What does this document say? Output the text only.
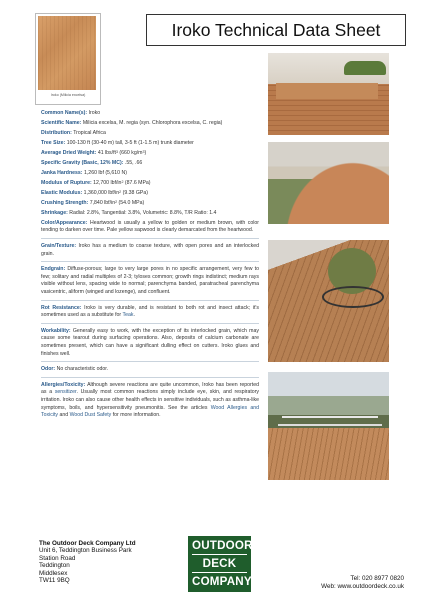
Iroko (Milicia excelsa)
Iroko Technical Data Sheet

Common Name(s): Iroko

Scientific Name: Milicia excelsa, M. regia (syn. Chlorophora excelsa, C. regia)

Distribution: Tropical Africa

Tree Size: 100-130 ft (30-40 m) tall, 3-5 ft (1-1.5 m) trunk diameter

Average Dried Weight: 41 lbs/$ft^3$ (660 $kg/m^3$)

Specific Gravity (Basic, 12% MC): .55, .66

Janka Hardness: 1,260 lbf (5,610 N)

Modulus of Rupture: 12,700 lbf/$in^2$ (87.6 MPa)

Elastic Modulus: 1,360,000 lbf/$in^2$ (9.38 GPa)

Crushing Strength: 7,840 lbf/$in^2$ (54.0 MPa)

Shrinkage: Radial: 2.8%, Tangential: 3.8%, Volumetric: 8.8%, T/R Ratio: 1.4

Color/Appearance: Heartwood is usually a yellow to golden or medium brown, with color tending to darken over time. Pale yellow sapwood is clearly demarcated from the heartwood.

Grain/Texture: Iroko has a medium to coarse texture, with open pores and an interlocked grain.

Endgrain: Diffuse-porous; large to very large pores in no specific arrangement, very few to few; solitary and radial multiples of 2-3; tyloses common; growth rings indistinct; medium rays visible without lens, spacing wide to normal; parenchyma banded, paratracheal parenchyma vasicentric, aliform (winged and lozenge), and confluent.

Rot Resistance: Iroko is very durable, and is resistant to both rot and insect attack; it's sometimes used as a substitute for Teak.

Workability: Generally easy to work, with the exception of its interlocked grain, which may cause some tearout during surfacing operations. Also, deposits of calcium carbonate are sometimes present, which can have a significant dulling effect on cutters. Iroko glues and finishes well.

Odor: No characteristic odor.

Allergies/Toxicity: Although severe reactions are quite uncommon, Iroko has been reported as a sensitizer. Usually most common reactions simply include eye, skin, and respiratory irritation. Iroko can also cause other health effects in sensitive individuals, such as asthma-like symptoms, boils, and hypersensitivity pneumonitis. See the articles Wood Allergies and Toxicity and Wood Dust Safety for more information.

The Outdoor Deck Company Ltd
Unit 6, Teddington Business Park
Station Road
Teddington
Middlesex
TW11 9BQ
OUTDOOR
DECK
COMPANY	Tel: 020 8977 0820
Web: www.outdoordeck.co.uk
